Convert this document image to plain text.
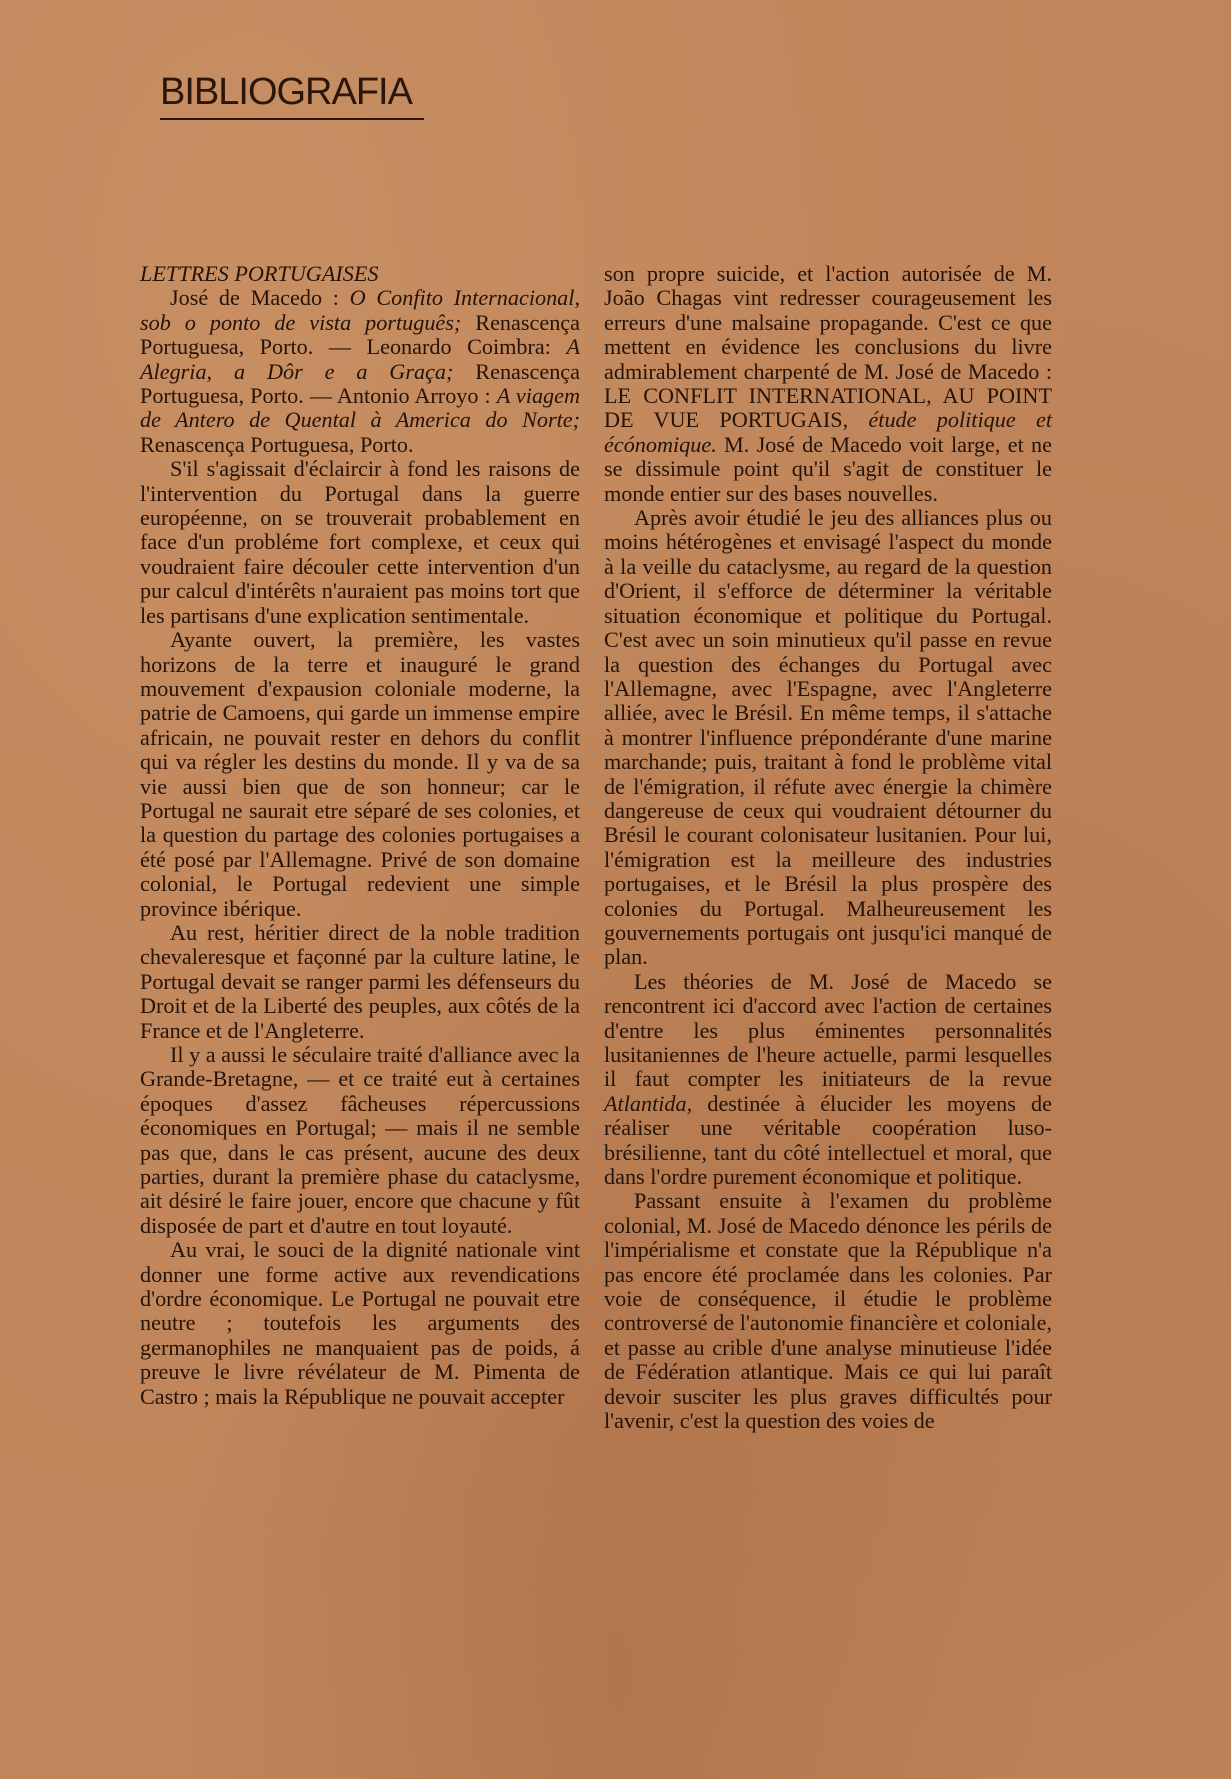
BIBLIOGRAFIA

LETTRES PORTUGAISES

José de Macedo : O Confito Internacional, sob o ponto de vista português; Renascença Portuguesa, Porto. — Leonardo Coimbra: A Alegria, a Dôr e a Graça; Renascença Portuguesa, Porto. — Antonio Arroyo : A viagem de Antero de Quental à America do Norte; Renascença Portuguesa, Porto.

S'il s'agissait d'éclaircir à fond les raisons de l'intervention du Portugal dans la guerre européenne, on se trouverait probablement en face d'un probléme fort complexe, et ceux qui voudraient faire découler cette intervention d'un pur calcul d'intérêts n'auraient pas moins tort que les partisans d'une explication sentimentale.

Ayante ouvert, la première, les vastes horizons de la terre et inauguré le grand mouvement d'expausion coloniale moderne, la patrie de Camoens, qui garde un immense empire africain, ne pouvait rester en dehors du conflit qui va régler les destins du monde. Il y va de sa vie aussi bien que de son honneur; car le Portugal ne saurait etre séparé de ses colonies, et la question du partage des colonies portugaises a été posé par l'Allemagne. Privé de son domaine colonial, le Portugal redevient une simple province ibérique.

Au rest, héritier direct de la noble tradition chevaleresque et façonné par la culture latine, le Portugal devait se ranger parmi les défenseurs du Droit et de la Liberté des peuples, aux côtés de la France et de l'Angleterre.

Il y a aussi le séculaire traité d'alliance avec la Grande-Bretagne, — et ce traité eut à certaines époques d'assez fâcheuses répercussions économiques en Portugal; — mais il ne semble pas que, dans le cas présent, aucune des deux parties, durant la première phase du cataclysme, ait désiré le faire jouer, encore que chacune y fût disposée de part et d'autre en tout loyauté.

Au vrai, le souci de la dignité nationale vint donner une forme active aux revendications d'ordre économique. Le Portugal ne pouvait etre neutre ; toutefois les arguments des germanophiles ne manquaient pas de poids, á preuve le livre révélateur de M. Pimenta de Castro ; mais la République ne pouvait accepter

son propre suicide, et l'action autorisée de M. João Chagas vint redresser courageusement les erreurs d'une malsaine propagande. C'est ce que mettent en évidence les conclusions du livre admirablement charpenté de M. José de Macedo : LE CONFLIT INTERNATIONAL, AU POINT DE VUE PORTUGAIS, étude politique et écónomique. M. José de Macedo voit large, et ne se dissimule point qu'il s'agit de constituer le monde entier sur des bases nouvelles.

Après avoir étudié le jeu des alliances plus ou moins hétérogènes et envisagé l'aspect du monde à la veille du cataclysme, au regard de la question d'Orient, il s'efforce de déterminer la véritable situation économique et politique du Portugal. C'est avec un soin minutieux qu'il passe en revue la question des échanges du Portugal avec l'Allemagne, avec l'Espagne, avec l'Angleterre alliée, avec le Brésil. En même temps, il s'attache à montrer l'influence prépondérante d'une marine marchande; puis, traitant à fond le problème vital de l'émigration, il réfute avec énergie la chimère dangereuse de ceux qui voudraient détourner du Brésil le courant colonisateur lusitanien. Pour lui, l'émigration est la meilleure des industries portugaises, et le Brésil la plus prospère des colonies du Portugal. Malheureusement les gouvernements portugais ont jusqu'ici manqué de plan.

Les théories de M. José de Macedo se rencontrent ici d'accord avec l'action de certaines d'entre les plus éminentes personnalités lusitaniennes de l'heure actuelle, parmi lesquelles il faut compter les initiateurs de la revue Atlantida, destinée à élucider les moyens de réaliser une véritable coopération luso-brésilienne, tant du côté intellectuel et moral, que dans l'ordre purement économique et politique.

Passant ensuite à l'examen du problème colonial, M. José de Macedo dénonce les périls de l'impérialisme et constate que la République n'a pas encore été proclamée dans les colonies. Par voie de conséquence, il étudie le problème controversé de l'autonomie financière et coloniale, et passe au crible d'une analyse minutieuse l'idée de Fédération atlantique. Mais ce qui lui paraît devoir susciter les plus graves difficultés pour l'avenir, c'est la question des voies de
